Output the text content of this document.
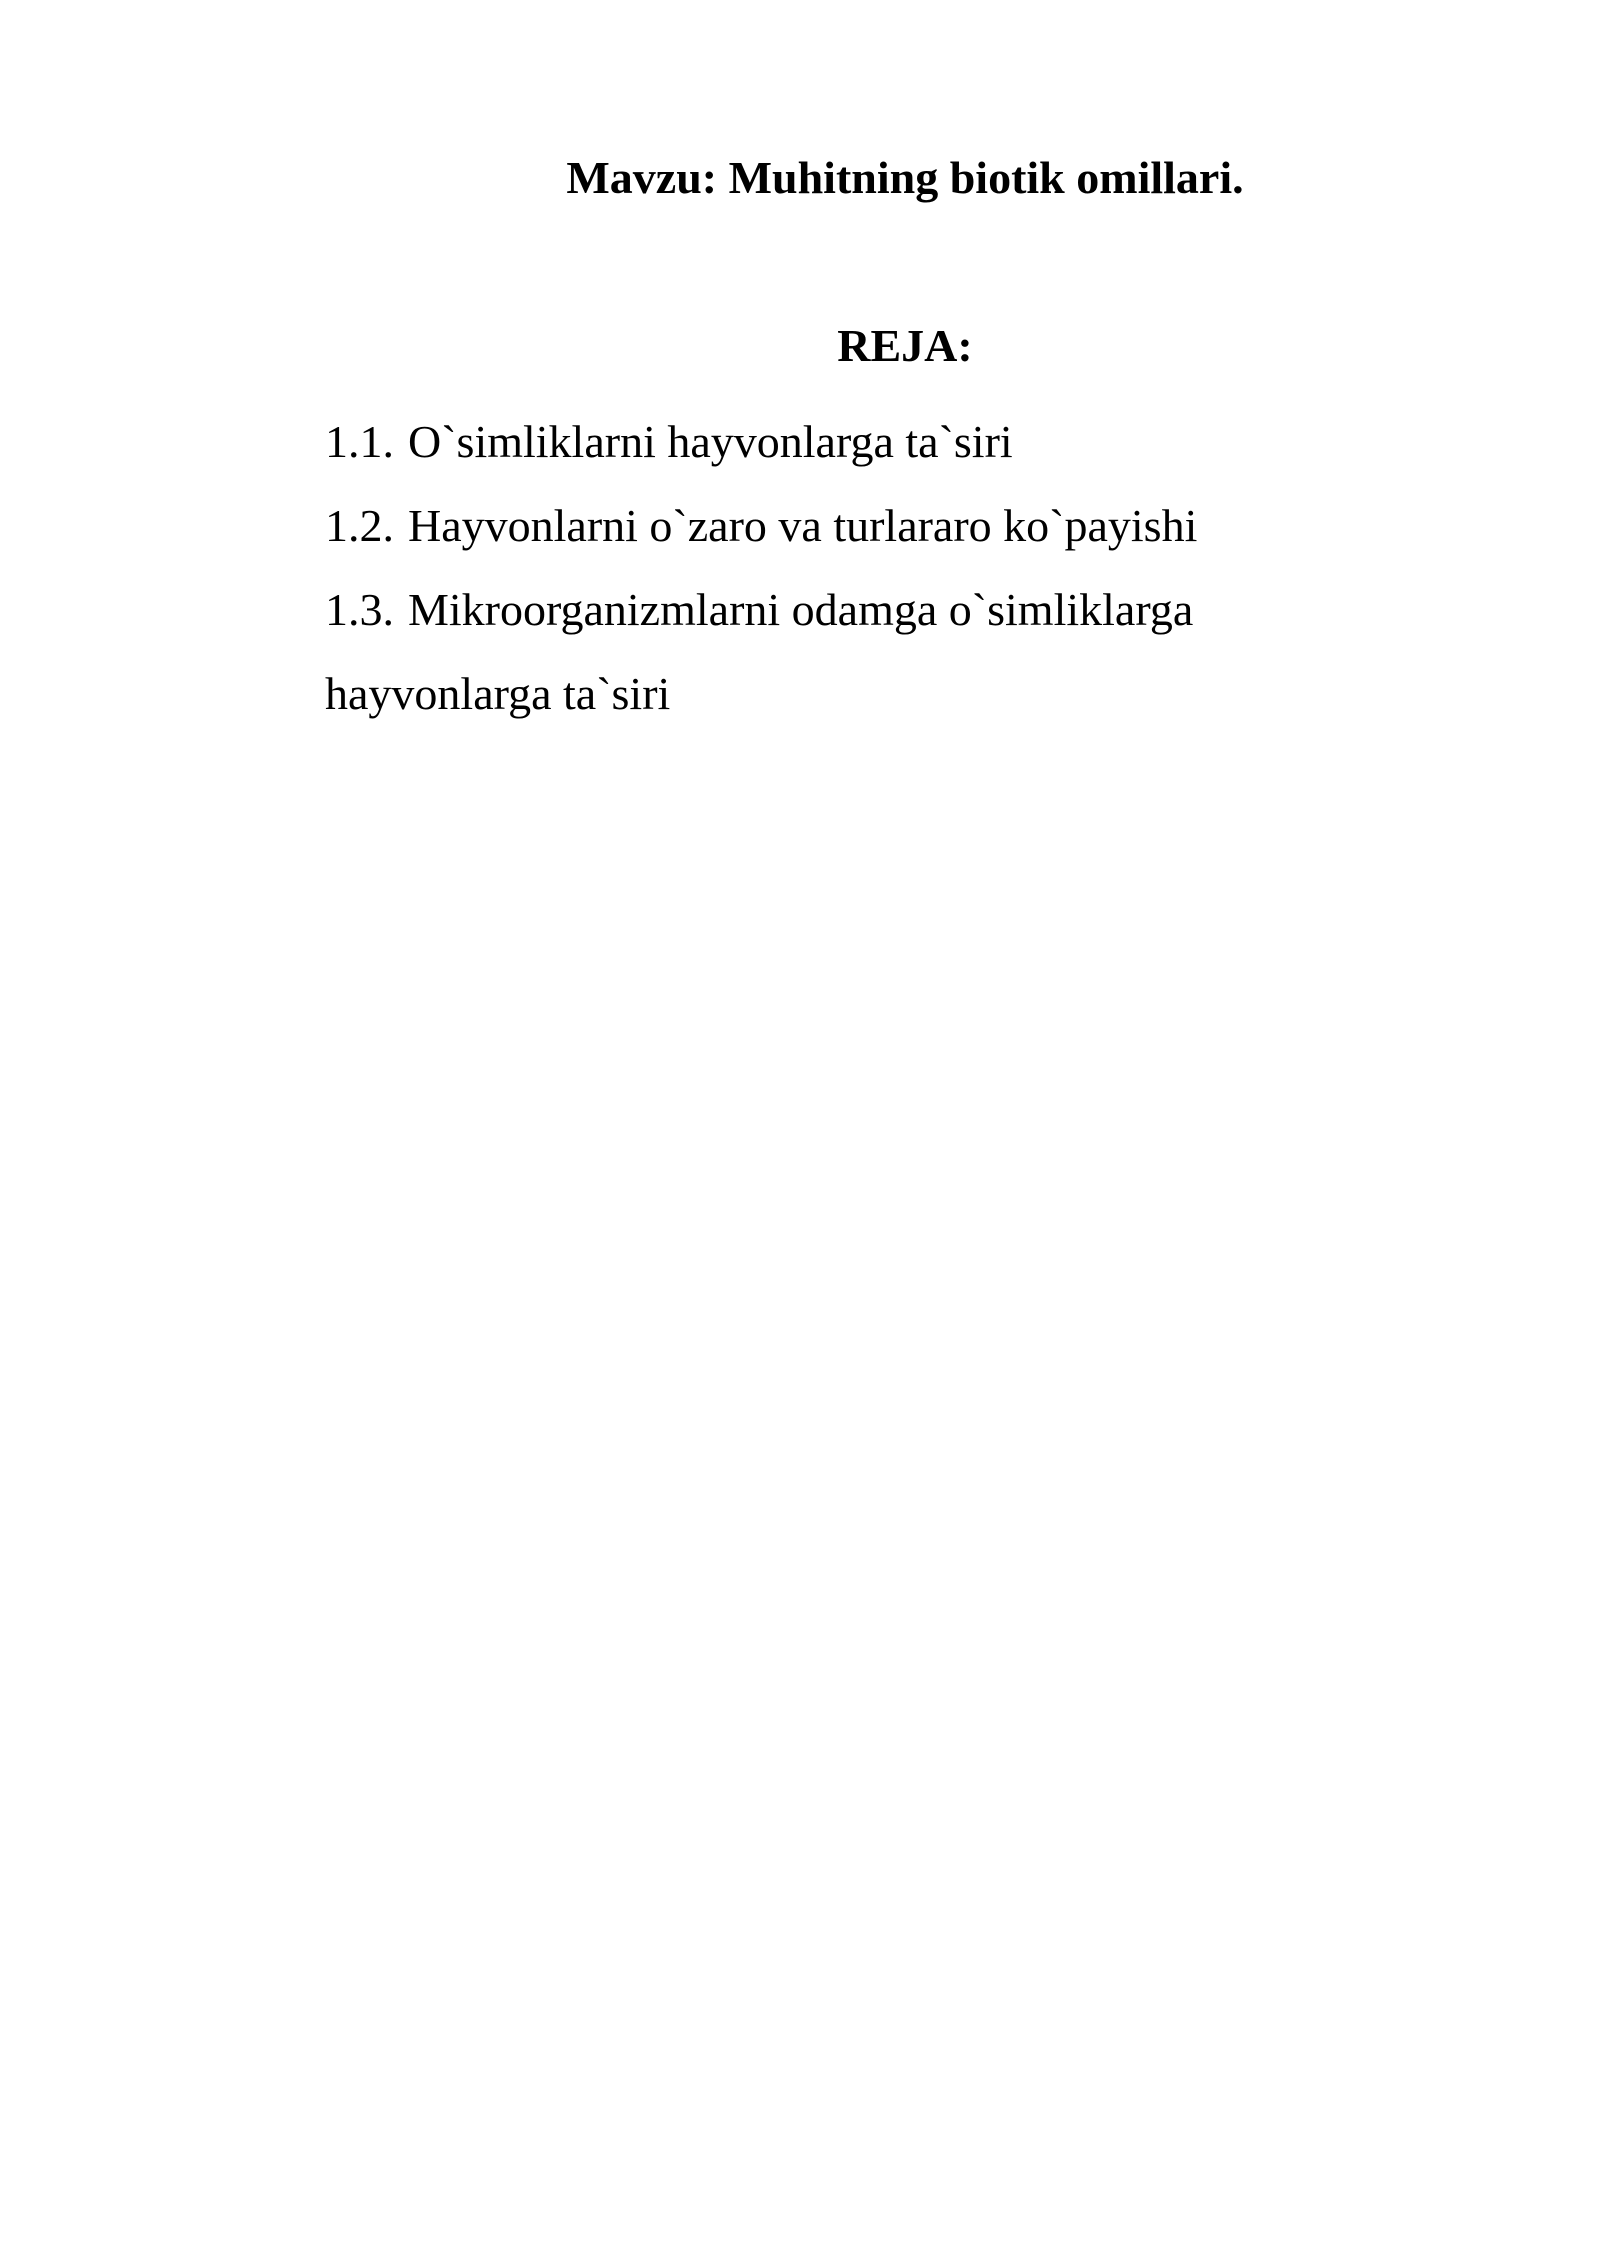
Mavzu: Muhitning biotik omillari.
REJA:
1.1. O`simliklarni hayvonlarga ta`siri
1.2. Hayvonlarni o`zaro va turlararo ko`payishi
1.3. Mikroorganizmlarni odamga o`simliklarga hayvonlarga ta`siri
